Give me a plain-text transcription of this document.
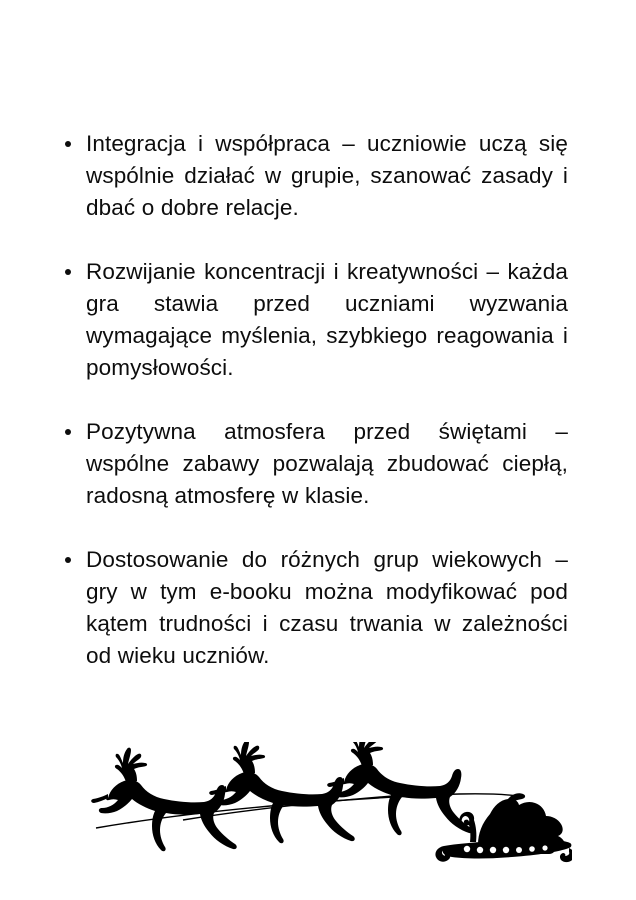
Integracja i współpraca – uczniowie uczą się wspólnie działać w grupie, szanować zasady i dbać o dobre relacje.
Rozwijanie koncentracji i kreatywności – każda gra stawia przed uczniami wyzwania wymagające myślenia, szybkiego reagowania i pomysłowości.
Pozytywna atmosfera przed świętami – wspólne zabawy pozwalają zbudować ciepłą, radosną atmosferę w klasie.
Dostosowanie do różnych grup wiekowych – gry w tym e-booku można modyfikować pod kątem trudności i czasu trwania w zależności od wieku uczniów.
